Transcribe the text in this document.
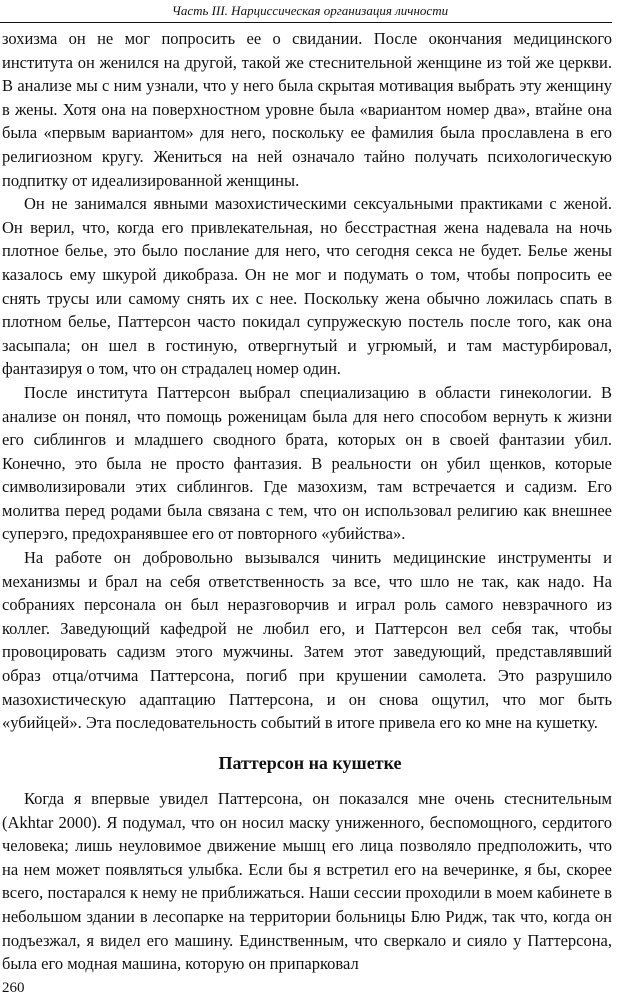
Часть III. Нарциссическая организация личности

зохизма он не мог попросить ее о свидании. После окончания медицинского института он женился на другой, такой же стеснительной женщине из той же церкви. В анализе мы с ним узнали, что у него была скрытая мотивация выбрать эту женщину в жены. Хотя она на поверхностном уровне была «вариантом номер два», втайне она была «первым вариантом» для него, поскольку ее фамилия была прославлена в его религиозном кругу. Жениться на ней означало тайно получать психологическую подпитку от идеализированной женщины.

Он не занимался явными мазохистическими сексуальными практиками с женой. Он верил, что, когда его привлекательная, но бесстрастная жена надевала на ночь плотное белье, это было послание для него, что сегодня секса не будет. Белье жены казалось ему шкурой дикобраза. Он не мог и подумать о том, чтобы попросить ее снять трусы или самому снять их с нее. Поскольку жена обычно ложилась спать в плотном белье, Паттерсон часто покидал супружескую постель после того, как она засыпала; он шел в гостиную, отвергнутый и угрюмый, и там мастурбировал, фантазируя о том, что он страдалец номер один.

После института Паттерсон выбрал специализацию в области гинекологии. В анализе он понял, что помощь роженицам была для него способом вернуть к жизни его сиблингов и младшего сводного брата, которых он в своей фантазии убил. Конечно, это была не просто фантазия. В реальности он убил щенков, которые символизировали этих сиблингов. Где мазохизм, там встречается и садизм. Его молитва перед родами была связана с тем, что он использовал религию как внешнее суперэго, предохранявшее его от повторного «убийства».

На работе он добровольно вызывался чинить медицинские инструменты и механизмы и брал на себя ответственность за все, что шло не так, как надо. На собраниях персонала он был неразговорчив и играл роль самого невзрачного из коллег. Заведующий кафедрой не любил его, и Паттерсон вел себя так, чтобы провоцировать садизм этого мужчины. Затем этот заведующий, представлявший образ отца/отчима Паттерсона, погиб при крушении самолета. Это разрушило мазохистическую адаптацию Паттерсона, и он снова ощутил, что мог быть «убийцей». Эта последовательность событий в итоге привела его ко мне на кушетку.

Паттерсон на кушетке

Когда я впервые увидел Паттерсона, он показался мне очень стеснительным (Akhtar 2000). Я подумал, что он носил маску униженного, беспомощного, сердитого человека; лишь неуловимое движение мышц его лица позволяло предположить, что на нем может появляться улыбка. Если бы я встретил его на вечеринке, я бы, скорее всего, постарался к нему не приближаться. Наши сессии проходили в моем кабинете в небольшом здании в лесопарке на территории больницы Блю Ридж, так что, когда он подъезжал, я видел его машину. Единственным, что сверкало и сияло у Паттерсона, была его модная машина, которую он припарковал

260
